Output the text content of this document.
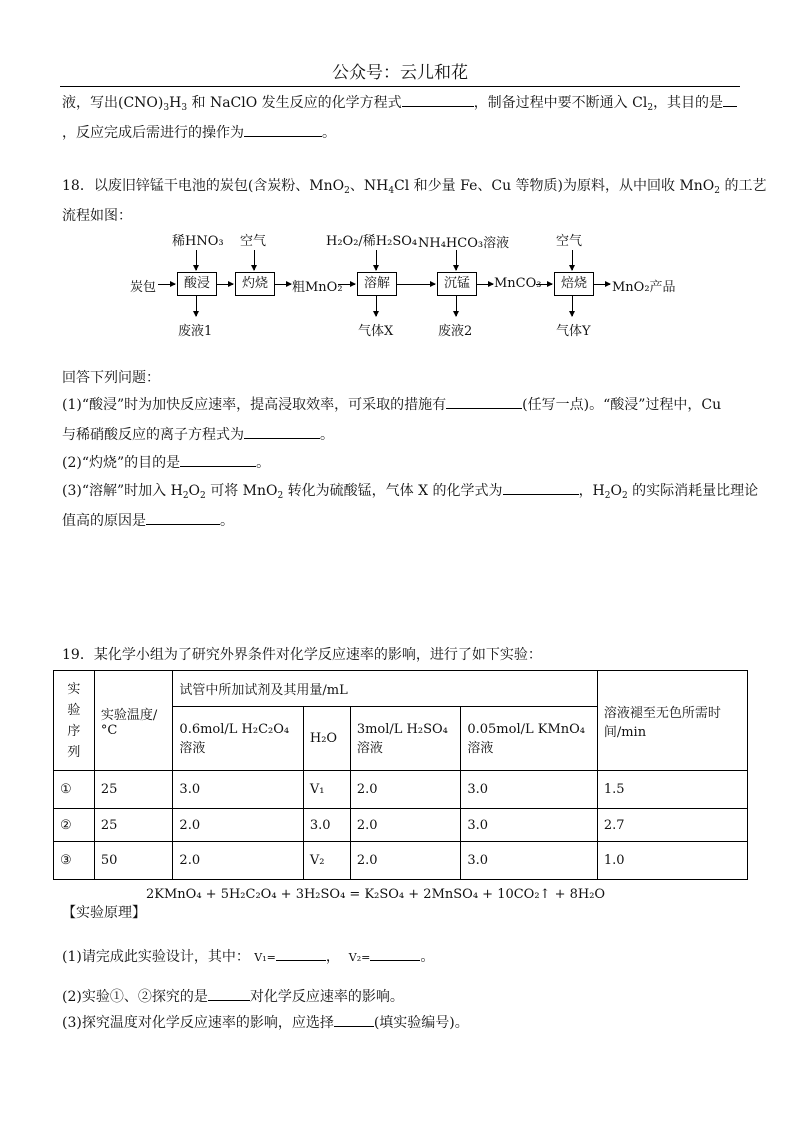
公众号：云儿和花
液，写出$(CNO)_3H_3$ 和 NaClO 发生反应的化学方程式	，制备过程中要不断通入 $Cl_2$，其目的是
，反应完成后需进行的操作为	。
18．以废旧锌锰干电池的炭包(含炭粉、MnO$_2$、$NH_4Cl$ 和少量 Fe、Cu 等物质)为原料，从中回收 MnO$_2$ 的工艺
流程如图：
稀HNO₃ 空气	H₂O₂/稀H₂SO₄ NH₄HCO₃溶液	空气
炭包	酸浸	灼烧	粗MnO₂	溶解	沉锰	MnCO₃	焙烧	MnO₂产品
废液1	气体X	废液2	气体Y
回答下列问题：
(1)“酸浸”时为加快反应速率，提高浸取效率，可采取的措施有	(任写一点)。“酸浸”过程中，Cu
与稀硝酸反应的离子方程式为	。
(2)“灼烧”的目的是	。
(3)“溶解”时加入 $H_2O_2$ 可将 MnO$_2$ 转化为硫酸锰，气体 X 的化学式为	，$H_2O_2$ 的实际消耗量比理论
值高的原因是	。
19．某化学小组为了研究外界条件对化学反应速率的影响，进行了如下实验：
实
验
序
列	实验温度/°C	试管中所加试剂及其用量/mL				溶液褪至无色所需时间/min
		0.6mol/L H₂C₂O₄ 溶液	H₂O	3mol/L H₂SO₄ 溶液	0.05mol/L KMnO₄ 溶液	
①	25	3.0	V₁	2.0	3.0	1.5
②	25	2.0	3.0	2.0	3.0	2.7
③	50	2.0	V₂	2.0	3.0	1.0
2KMnO₄ + 5H₂C₂O₄ + 3H₂SO₄ = K₂SO₄ + 2MnSO₄ + 10CO₂↑ + 8H₂O
【实验原理】
(1)请完成此实验设计，其中： V₁=	， V₂=	。
(2)实验①、②探究的是	对化学反应速率的影响。
(3)探究温度对化学反应速率的影响，应选择	(填实验编号)。
